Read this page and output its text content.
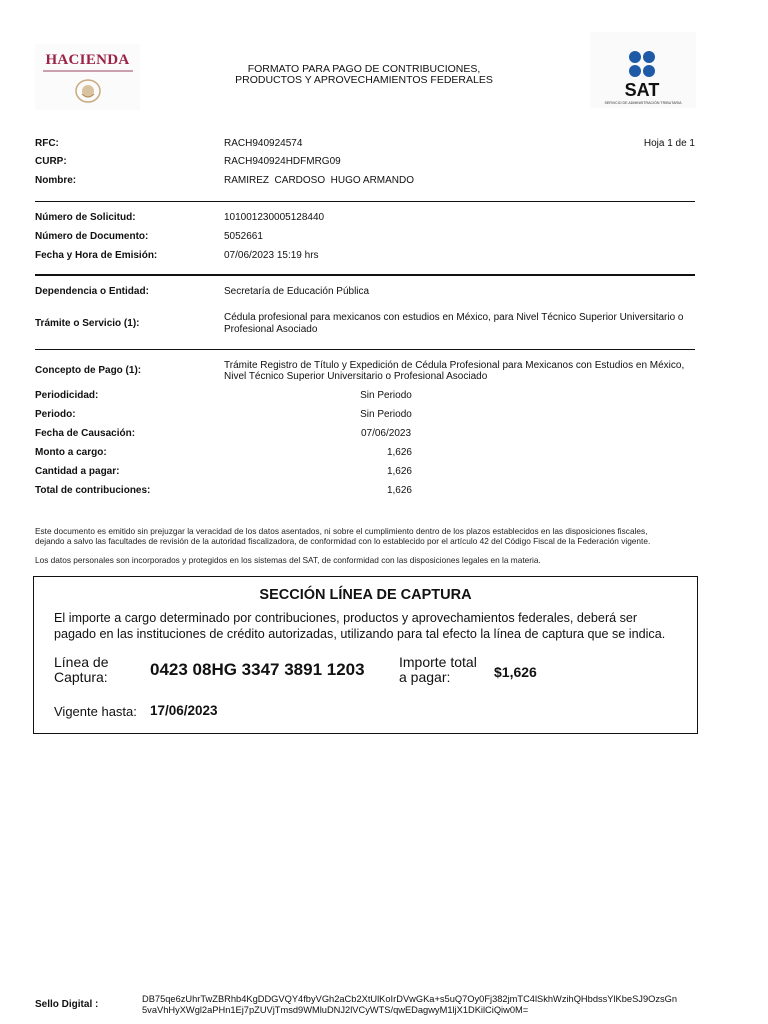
HACIENDA
FORMATO PARA PAGO DE CONTRIBUCIONES,
PRODUCTOS Y APROVECHAMIENTOS FEDERALES	SAT
SERVICIO DE ADMINISTRACIÓN TRIBUTARIA
RFC:	RACH940924574	Hoja 1 de 1
CURP:	RACH940924HDFMRG09
Nombre:	RAMIREZ  CARDOSO  HUGO ARMANDO
Número de Solicitud:	101001230005128440
Número de Documento:	5052661
Fecha y Hora de Emisión:	07/06/2023 15:19 hrs
Dependencia o Entidad:	Secretaría de Educación Pública
Trámite o Servicio (1):
Cédula profesional para mexicanos con estudios en México, para Nivel Técnico Superior Universitario o
Profesional Asociado
Concepto de Pago (1):	Trámite Registro de Título y Expedición de Cédula Profesional para Mexicanos con Estudios en México,
Nivel Técnico Superior Universitario o Profesional Asociado
Periodicidad:	Sin Periodo
Periodo:	Sin Periodo
Fecha de Causación:	07/06/2023
Monto a cargo:	1,626
Cantidad a pagar:	1,626
Total de contribuciones:	1,626
Este documento es emitido sin prejuzgar la veracidad de los datos asentados, ni sobre el cumplimiento dentro de los plazos establecidos en las disposiciones fiscales,
dejando a salvo las facultades de revisión de la autoridad fiscalizadora, de conformidad con lo establecido por el artículo 42 del Código Fiscal de la Federación vigente.
Los datos personales son incorporados y protegidos en los sistemas del SAT, de conformidad con las disposiciones legales en la materia.
SECCIÓN LÍNEA DE CAPTURA
El importe a cargo determinado por contribuciones, productos y aprovechamientos federales, deberá ser
pagado en las instituciones de crédito autorizadas, utilizando para tal efecto la línea de captura que se indica.
Línea de
Captura: 0423 08HG 3347 3891 1203 Importe total
a pagar:	$1,626
Vigente hasta: 17/06/2023
Sello Digital :	DB75qe6zUhrTwZBRhb4KgDDGVQY4fbyVGh2aCb2XtUlKoIrDVwGKa+s5uQ7Oy0Fj382jmTC4lSkhWzihQHbdssYlKbeSJ9OzsGn
5vaVhHyXWgl2aPHn1Ej7pZUVjTmsd9WMluDNJ2lVCyWTS/qwEDagwyM1ljX1DKilCiQiw0M=
